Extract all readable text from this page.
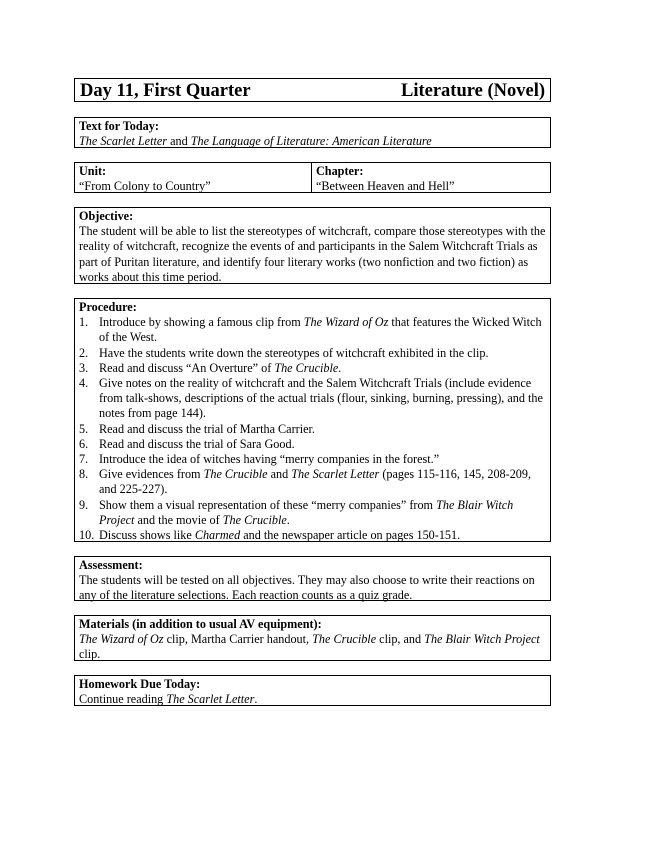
Day 11, First Quarter	Literature (Novel)
Text for Today:
The Scarlet Letter and The Language of Literature: American Literature
Unit:
“From Colony to Country”
Chapter:
“Between Heaven and Hell”
Objective:
The student will be able to list the stereotypes of witchcraft, compare those stereotypes with the reality of witchcraft, recognize the events of and participants in the Salem Witchcraft Trials as part of Puritan literature, and identify four literary works (two nonfiction and two fiction) as works about this time period.
Procedure:
1. Introduce by showing a famous clip from The Wizard of Oz that features the Wicked Witch of the West.
2. Have the students write down the stereotypes of witchcraft exhibited in the clip.
3. Read and discuss “An Overture” of The Crucible.
4. Give notes on the reality of witchcraft and the Salem Witchcraft Trials (include evidence from talk-shows, descriptions of the actual trials (flour, sinking, burning, pressing), and the notes from page 144).
5. Read and discuss the trial of Martha Carrier.
6. Read and discuss the trial of Sara Good.
7. Introduce the idea of witches having “merry companies in the forest.”
8. Give evidences from The Crucible and The Scarlet Letter (pages 115-116, 145, 208-209, and 225-227).
9. Show them a visual representation of these “merry companies” from The Blair Witch Project and the movie of The Crucible.
10. Discuss shows like Charmed and the newspaper article on pages 150-151.
Assessment:
The students will be tested on all objectives. They may also choose to write their reactions on any of the literature selections. Each reaction counts as a quiz grade.
Materials (in addition to usual AV equipment):
The Wizard of Oz clip, Martha Carrier handout, The Crucible clip, and The Blair Witch Project clip.
Homework Due Today:
Continue reading The Scarlet Letter.
